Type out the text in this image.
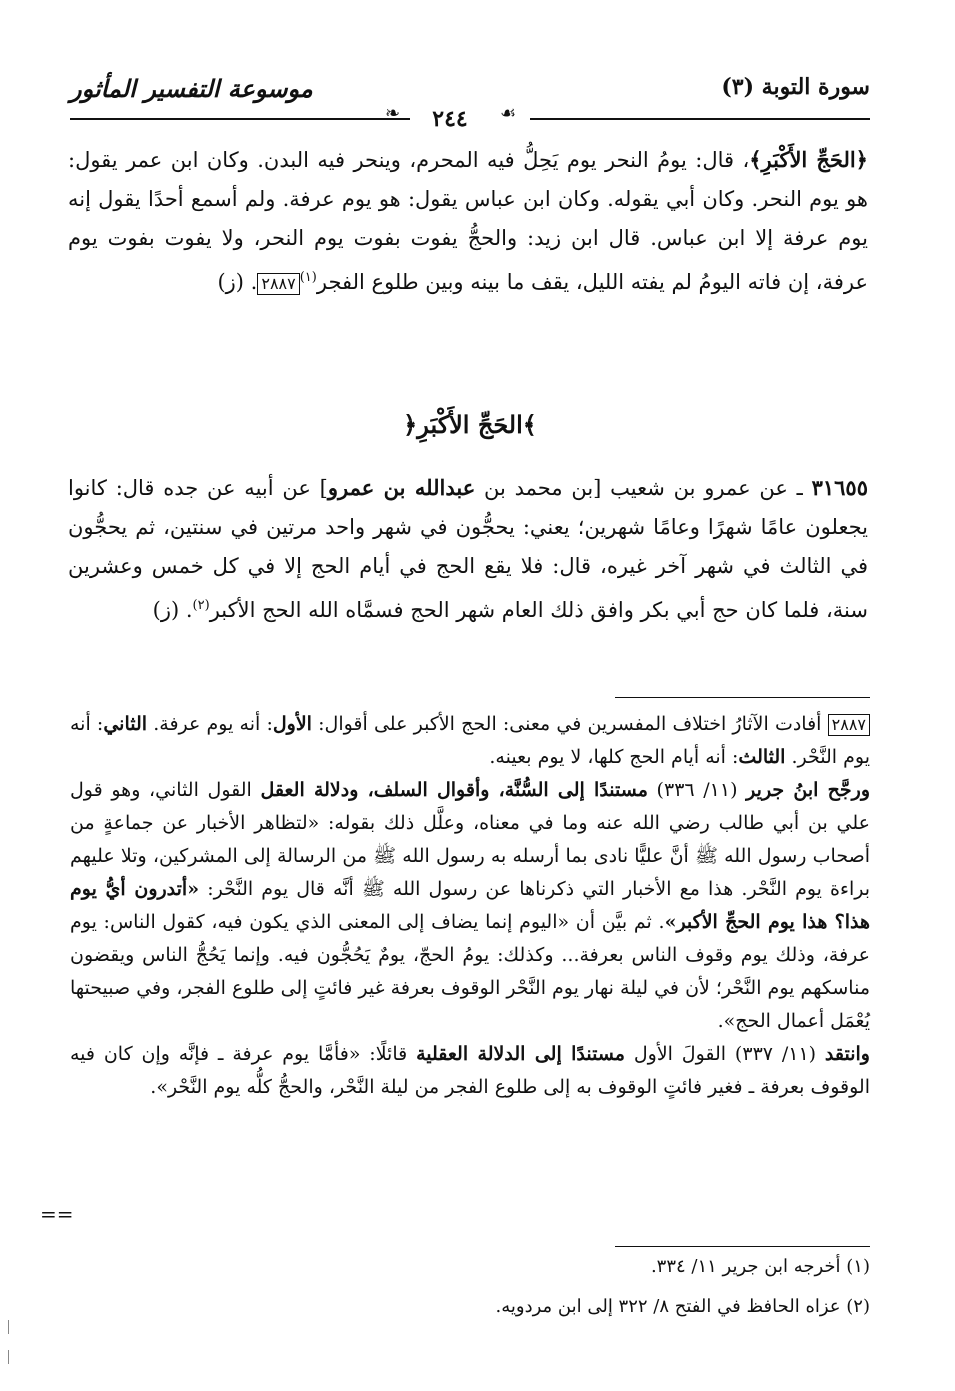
سورة التوبة (٣)
موسوعة التفسير المأثور
❧	٢٤٤	☙
﴿الحَجِّ الأَكْبَرِ﴾، قال: يومُ النحر يوم يَحِلُّ فيه المحرم، وينحر فيه البدن. وكان ابن عمر يقول: هو يوم النحر. وكان أبي يقوله. وكان ابن عباس يقول: هو يوم عرفة. ولم أسمع أحدًا يقول إنه يوم عرفة إلا ابن عباس. قال ابن زيد: والحجُّ يفوت بفوت يوم النحر، ولا يفوت بفوت يوم عرفة، إن فاته اليومُ لم يفته الليل، يقف ما بينه وبين طلوع الفجر$^{(١)}$٢٨٨٧. (ز)
﴿الحَجِّ الأَكْبَرِ﴾
٣١٦٥٥ ـ عن عمرو بن شعيب [بن محمد بن عبدالله بن عمرو] عن أبيه عن جده قال: كانوا يجعلون عامًا شهرًا وعامًا شهرين؛ يعني: يحجُّون في شهر واحد مرتين في سنتين، ثم يحجُّون في الثالث في شهر آخر غيره، قال: فلا يقع الحج في أيام الحج إلا في كل خمس وعشرين سنة، فلما كان حج أبي بكر وافق ذلك العام شهر الحج فسمَّاه الله الحج الأكبر$^{(٢)}$. (ز)
٢٨٨٧ أفادت الآثارُ اختلاف المفسرين في معنى: الحج الأكبر على أقوال: الأول: أنه يوم عرفة. الثاني: أنه يوم النَّحْر. الثالث: أنه أيام الحج كلها، لا يوم بعينه.
ورجَّح ابنُ جرير (١١/ ٣٣٦) مستندًا إلى السُّنَّة، وأقوال السلف، ودلالة العقل القول الثاني، وهو قول علي بن أبي طالب رضي الله عنه وما في معناه، وعلَّل ذلك بقوله: «لتظاهر الأخبار عن جماعةٍ من أصحاب رسول الله ﷺ أنَّ عليًّا نادى بما أرسله به رسول الله ﷺ من الرسالة إلى المشركين، وتلا عليهم براءة يوم النَّحْر. هذا مع الأخبار التي ذكرناها عن رسول الله ﷺ أنَّه قال يوم النَّحْر: «أتدرون أيُّ يوم هذا؟ هذا يوم الحجِّ الأكبر». ثم بيَّن أن «اليوم إنما يضاف إلى المعنى الذي يكون فيه، كقول الناس: يوم عرفة، وذلك يوم وقوف الناس بعرفة... وكذلك: يومُ الحجّ، يومٌ يَحُجُّون فيه. وإنما يَحُجُّ الناس ويقضون مناسكهم يوم النَّحْر؛ لأن في ليلة نهار يوم النَّحْر الوقوف بعرفة غير فائتٍ إلى طلوع الفجر، وفي صبيحتها يُعْمَل أعمال الحج».
وانتقد (١١/ ٣٣٧) القولَ الأول مستندًا إلى الدلالة العقلية قائلًا: «فأمَّا يوم عرفة ـ فإنَّه وإن كان فيه الوقوف بعرفة ـ فغير فائتٍ الوقوف به إلى طلوع الفجر من ليلة النَّحْر، والحجُّ كلُّه يوم النَّحْر».
==
(١) أخرجه ابن جرير ١١/ ٣٣٤.
(٢) عزاه الحافظ في الفتح ٨/ ٣٢٢ إلى ابن مردويه.
